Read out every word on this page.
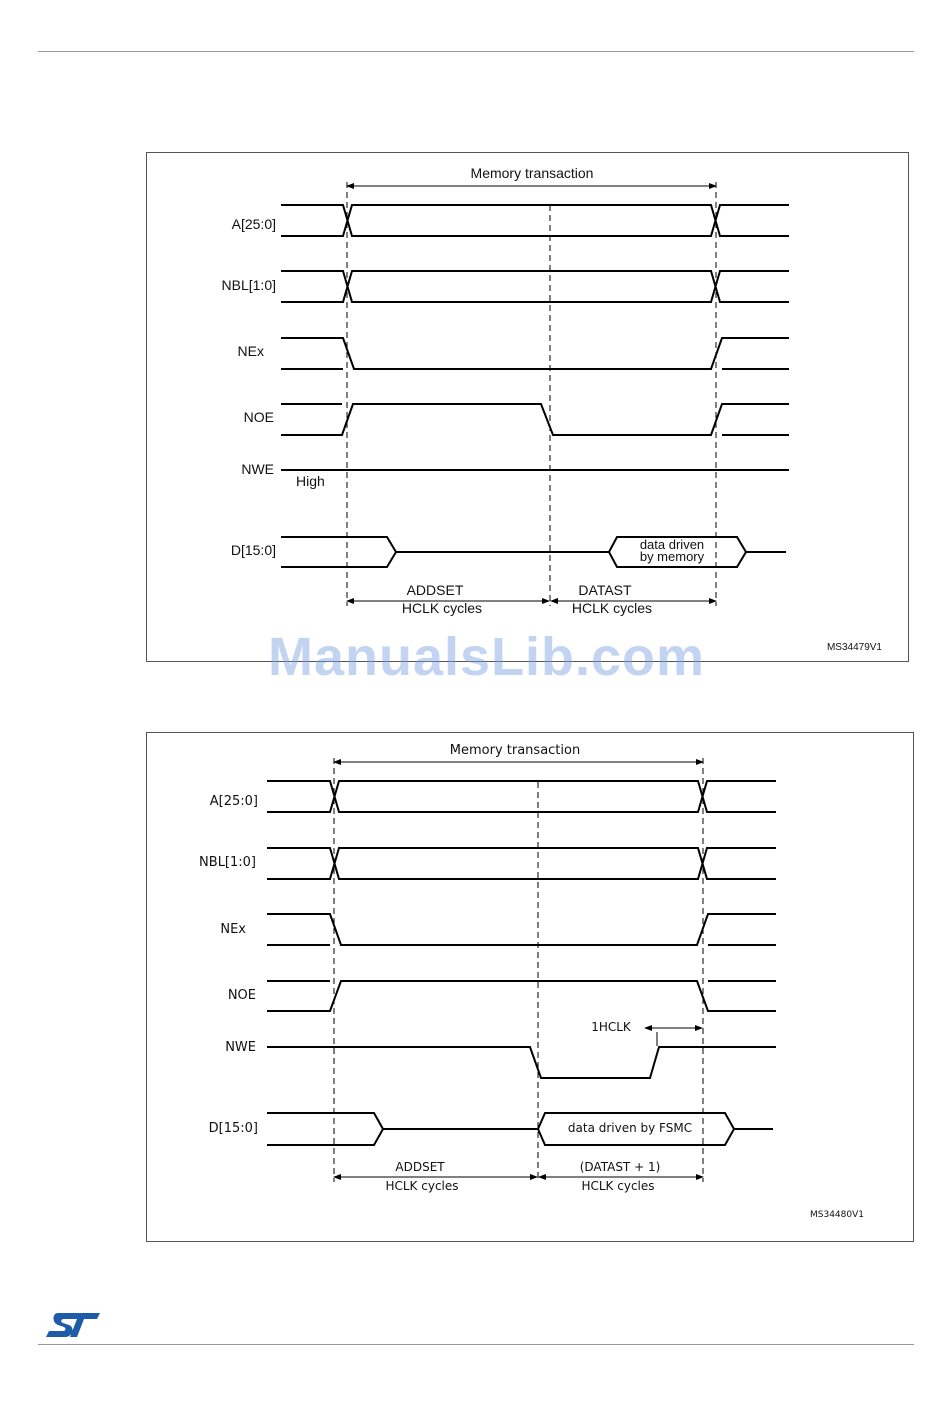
Memory transaction
A[25:0]
NBL[1:0]
NEx
NOE
NWE
High
D[15:0]	data driven
by memory
ADDSET
HCLK cycles
DATAST
HCLK cycles
MS34479V1
Memory transaction
A[25:0]
NBL[1:0]
NEx
NOE
NWE
D[15:0]
1HCLK
data driven by FSMC
ADDSET
HCLK cycles
(DATAST + 1)
HCLK cycles
MS34480V1
ManualsLib.com
